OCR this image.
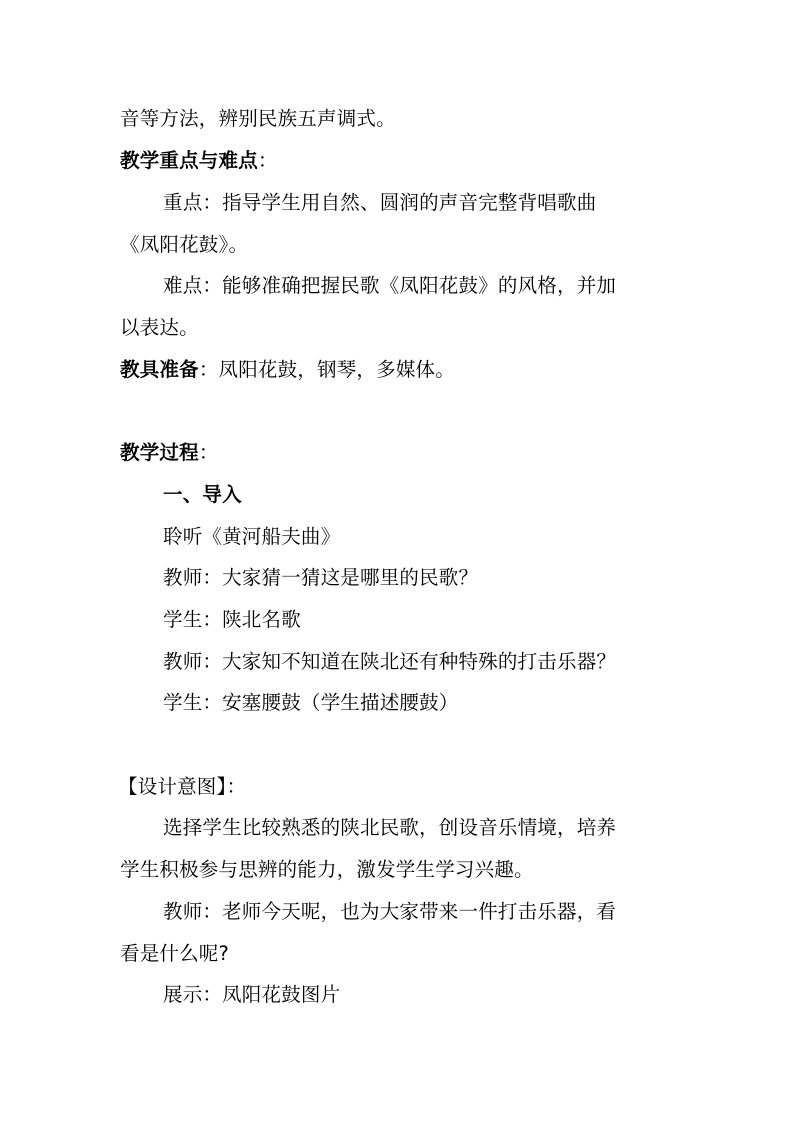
音等方法，辨别民族五声调式。
教学重点与难点：
重点：指导学生用自然、圆润的声音完整背唱歌曲
《凤阳花鼓》。
难点：能够准确把握民歌《凤阳花鼓》的风格，并加
以表达。
教具准备：凤阳花鼓，钢琴，多媒体。
教学过程：
一、导入
聆听《黄河船夫曲》
教师：大家猜一猜这是哪里的民歌？
学生：陕北名歌
教师：大家知不知道在陕北还有种特殊的打击乐器？
学生：安塞腰鼓（学生描述腰鼓）
【设计意图】：
选择学生比较熟悉的陕北民歌，创设音乐情境，培养
学生积极参与思辨的能力，激发学生学习兴趣。
教师：老师今天呢，也为大家带来一件打击乐器，看
看是什么呢?
展示：凤阳花鼓图片
